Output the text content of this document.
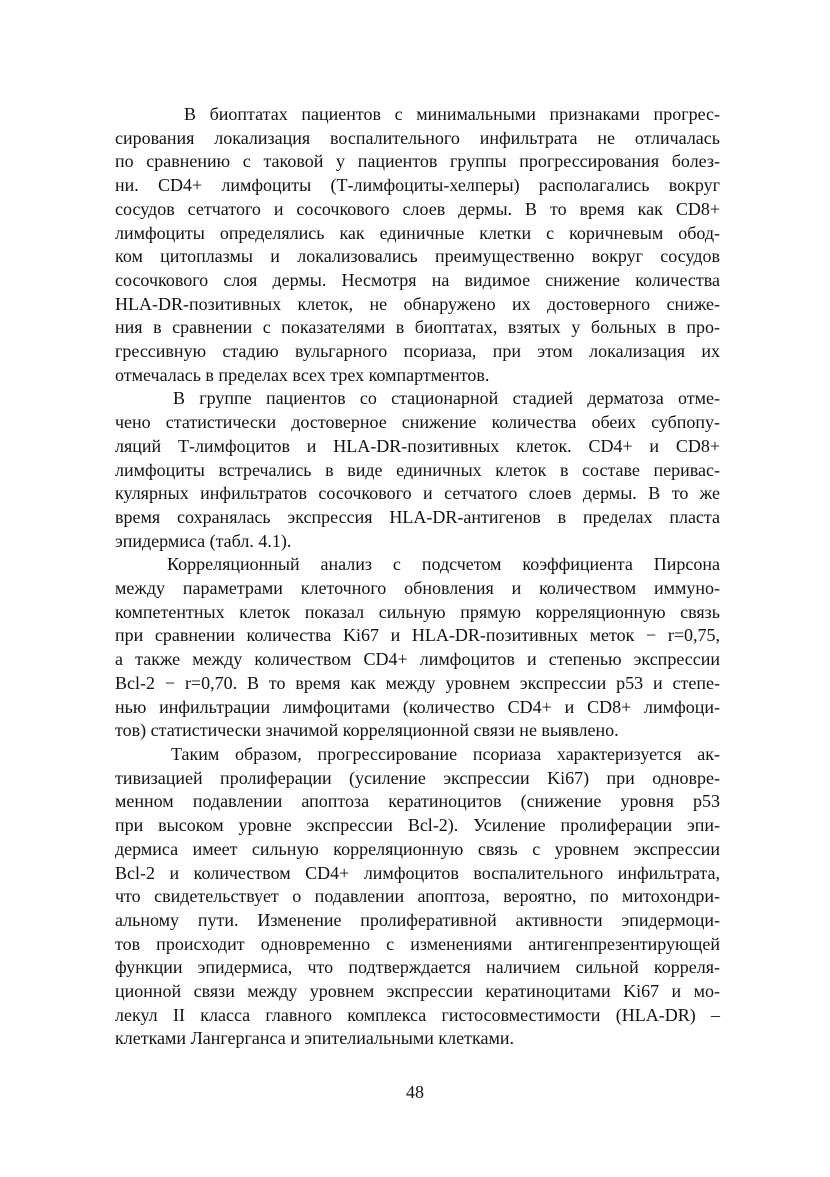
В биоптатах пациентов с минимальными признаками прогрес-
сирования локализация воспалительного инфильтрата не отличалась
по сравнению с таковой у пациентов группы прогрессирования болез-
ни. CD4+ лимфоциты (Т-лимфоциты-хелперы) располагались вокруг
сосудов сетчатого и сосочкового слоев дермы. В то время как CD8+
лимфоциты определялись как единичные клетки с коричневым обод-
ком цитоплазмы и локализовались преимущественно вокруг сосудов
сосочкового слоя дермы. Несмотря на видимое снижение количества
HLA-DR-позитивных клеток, не обнаружено их достоверного сниже-
ния в сравнении с показателями в биоптатах, взятых у больных в про-
грессивную стадию вульгарного псориаза, при этом локализация их
отмечалась в пределах всех трех компартментов.
В группе пациентов со стационарной стадией дерматоза отме-
чено статистически достоверное снижение количества обеих субпопу-
ляций Т-лимфоцитов и HLA-DR-позитивных клеток. CD4+ и CD8+
лимфоциты встречались в виде единичных клеток в составе периваc-
кулярных инфильтратов сосочкового и сетчатого слоев дермы. В то же
время сохранялась экспрессия HLA-DR-антигенов в пределах пласта
эпидермиса (табл. 4.1).
Корреляционный анализ с подсчетом коэффициента Пирсона
между параметрами клеточного обновления и количеством иммуно-
компетентных клеток показал сильную прямую корреляционную связь
при сравнении количества Ki67 и HLA-DR-позитивных меток − r=0,75,
а также между количеством CD4+ лимфоцитов и степенью экспрессии
Bcl-2 − r=0,70. В то время как между уровнем экспрессии p53 и степе-
нью инфильтрации лимфоцитами (количество CD4+ и CD8+ лимфоци-
тов) статистически значимой корреляционной связи не выявлено.
Таким образом, прогрессирование псориаза характеризуется ак-
тивизацией пролиферации (усиление экспрессии Ki67) при одновре-
менном подавлении апоптоза кератиноцитов (снижение уровня p53
при высоком уровне экспрессии Bcl-2). Усиление пролиферации эпи-
дермиса имеет сильную корреляционную связь с уровнем экспрессии
Bcl-2 и количеством CD4+ лимфоцитов воспалительного инфильтрата,
что свидетельствует о подавлении апоптоза, вероятно, по митохондри-
альному пути. Изменение пролиферативной активности эпидермоци-
тов происходит одновременно с изменениями антигенпрезентирующей
функции эпидермиса, что подтверждается наличием сильной корреля-
ционной связи между уровнем экспрессии кератиноцитами Ki67 и мо-
лекул II класса главного комплекса гистосовместимости (HLA-DR) –
клетками Лангерганса и эпителиальными клетками.
48
